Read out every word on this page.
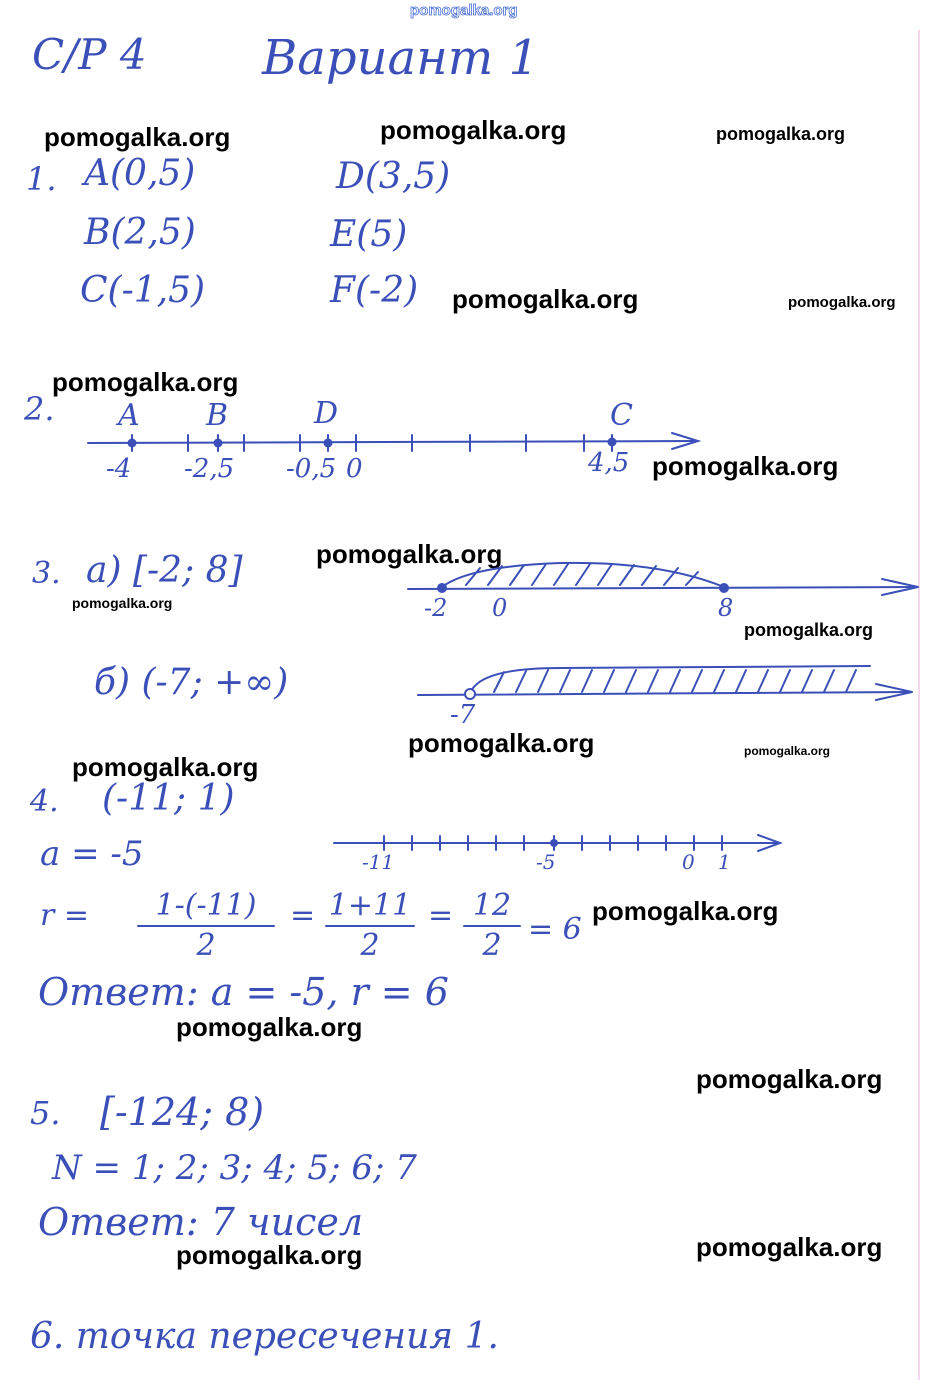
pomogalka.org
С/Р 4 Вариант 1
pomogalka.org	pomogalka.org	pomogalka.org
pomogalka.org	pomogalka.org
pomogalka.org
pomogalka.org
pomogalka.org
pomogalka.org
pomogalka.org
pomogalka.org	pomogalka.org
pomogalka.org
pomogalka.org
pomogalka.org
pomogalka.org
pomogalka.org	pomogalka.org
1. A(0,5)
B(2,5)
C(-1,5)
D(3,5)
E(5)
F(-2)
2. A B	D	C
-4 -2,5 -0,5 0	4,5
3. а) [-2; 8]
-2 0	8
б) (-7; +∞)
-7
4. (-11; 1)
a = -5	-11	-5	0 1
r =	1-(-11)
2
= 1+11
2
= 12
2 = 6
Ответ: a = -5, r = 6
5. [-124; 8)
N = 1; 2; 3; 4; 5; 6; 7
Ответ: 7 чисел
6. точка пересечения 1.
